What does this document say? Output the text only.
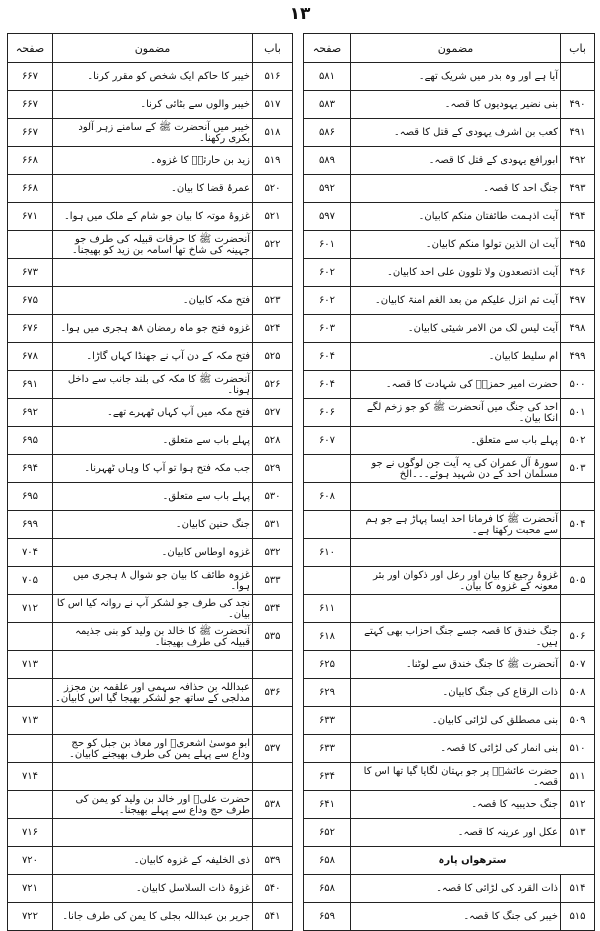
۱۳
صفحہ	مضمون	باب
۶۶۷	خیبر کا حاکم ایک شخص کو مقرر کرنا۔	۵۱۶
۶۶۷	خیبر والوں سے بٹائی کرنا۔	۵۱۷
۶۶۷	خیبر میں آنحضرت ﷺ کے سامنے زہر آلود بکری رکھنا۔	۵۱۸
۶۶۸	زید بن حارثہؓ کا غزوہ۔	۵۱۹
۶۶۸	عمرۂ قضا کا بیان۔	۵۲۰
۶۷۱	غزوۂ موتہ کا بیان جو شام کے ملک میں ہوا۔	۵۲۱
	آنحضرت ﷺ کا حرقات قبیلہ کی طرف جو جہینہ کی شاخ تھا اسامہ بن زید کو بھیجنا۔	۵۲۲
۶۷۳		
۶۷۵	فتح مکہ کابیان۔	۵۲۳
۶۷۶	غزوہ فتح جو ماہ رمضان ۸ھ ہجری میں ہوا۔	۵۲۴
۶۷۸	فتح مکہ کے دن آپ نے جھنڈا کہاں گاڑا۔	۵۲۵
۶۹۱	آنحضرت ﷺ کا مکہ کی بلند جانب سے داخل ہونا۔	۵۲۶
۶۹۲	فتح مکہ میں آپ کہاں ٹھہرے تھے۔	۵۲۷
۶۹۵	پہلے باب سے متعلق۔	۵۲۸
۶۹۴	جب مکہ فتح ہوا تو آپ کا وہاں ٹھہرنا۔	۵۲۹
۶۹۵	پہلے باب سے متعلق۔	۵۳۰
۶۹۹	جنگ حنین کابیان۔	۵۳۱
۷۰۴	غزوہ اوطاس کابیان۔	۵۳۲
۷۰۵	غزوہ طائف کا بیان جو شوال ۸ ہجری میں ہوا۔	۵۳۳
۷۱۲	نجد کی طرف جو لشکر آپ نے روانہ کیا اس کا بیان۔	۵۳۴
	آنحضرت ﷺ کا خالد بن ولید کو بنی جذیمہ قبیلہ کی طرف بھیجنا۔	۵۳۵
۷۱۳		
	عبداللہ بن حذافہ سہمی اور علقمہ بن مجزز مدلجی کے ساتھ جو لشکر بھیجا گیا اس کابیان۔	۵۳۶
۷۱۳		
	ابو موسیٰ اشعریؓ اور معاذ بن جبل کو حج وداع سے پہلے یمن کی طرف بھیجنے کابیان۔	۵۳۷
۷۱۴		
	حضرت علیؓ اور خالد بن ولید کو یمن کی طرف حج وداع سے پہلے بھیجنا۔	۵۳۸
۷۱۶		
۷۲۰	ذی الخلیفہ کے غزوہ کابیان۔	۵۳۹
۷۲۱	غزوۂ ذات السلاسل کابیان۔	۵۴۰
۷۲۲	جریر بن عبداللہ بجلی کا یمن کی طرف جانا۔	۵۴۱
صفحہ	مضمون	باب
۵۸۱	آیا ہے اور وہ بدر میں شریک تھے۔	
۵۸۳	بنی نضیر یہودیوں کا قصہ۔	۴۹۰
۵۸۶	کعب بن اشرف یہودی کے قتل کا قصہ۔	۴۹۱
۵۸۹	ابورافع یہودی کے قتل کا قصہ۔	۴۹۲
۵۹۲	جنگ احد کا قصہ۔	۴۹۳
۵۹۷	آیت اذہمت طائفتان منکم کابیان۔	۴۹۴
۶۰۱	آیت ان الذین تولوا منکم کابیان۔	۴۹۵
۶۰۲	آیت اذتصعدون ولا تلوون علی احد کابیان۔	۴۹۶
۶۰۲	آیت ثم انزل علیکم من بعد الغم امنۃ کابیان۔	۴۹۷
۶۰۳	آیت لیس لک من الامر شیئی کابیان۔	۴۹۸
۶۰۴	ام سلیط کابیان۔	۴۹۹
۶۰۴	حضرت امیر حمزہؓ کی شہادت کا قصہ۔	۵۰۰
۶۰۶	احد کی جنگ میں آنحضرت ﷺ کو جو زخم لگے انکا بیان۔	۵۰۱
۶۰۷	پہلے باب سے متعلق۔	۵۰۲
	سورۂ آل عمران کی یہ آیت جن لوگوں نے جو مسلمان احد کے دن شہید ہوئے۔۔۔الخ	۵۰۳
۶۰۸		
	آنحضرت ﷺ کا فرمانا احد ایسا پہاڑ ہے جو ہم سے محبت رکھتا ہے۔	۵۰۴
۶۱۰		
	غزوۂ رجیع کا بیان اور رعل اور ذکوان اور بئر معونہ کے غزوہ کا بیان۔	۵۰۵
۶۱۱		
۶۱۸	جنگ خندق کا قصہ جسے جنگ احزاب بھی کہتے ہیں۔	۵۰۶
۶۲۵	آنحضرت ﷺ کا جنگ خندق سے لوٹنا۔	۵۰۷
۶۲۹	ذات الرقاع کی جنگ کابیان۔	۵۰۸
۶۳۳	بنی مصطلق کی لڑائی کابیان۔	۵۰۹
۶۳۳	بنی انمار کی لڑائی کا قصہ۔	۵۱۰
۶۳۴	حضرت عائشہؓ پر جو بہتان لگایا گیا تھا اس کا قصہ۔	۵۱۱
۶۴۱	جنگ حدیبیہ کا قصہ۔	۵۱۲
۶۵۲	عکل اور عرینہ کا قصہ۔	۵۱۳
۶۵۸	سترھواں پارہ	
۶۵۸	ذات القرد کی لڑائی کا قصہ۔	۵۱۴
۶۵۹	خیبر کی جنگ کا قصہ۔	۵۱۵
